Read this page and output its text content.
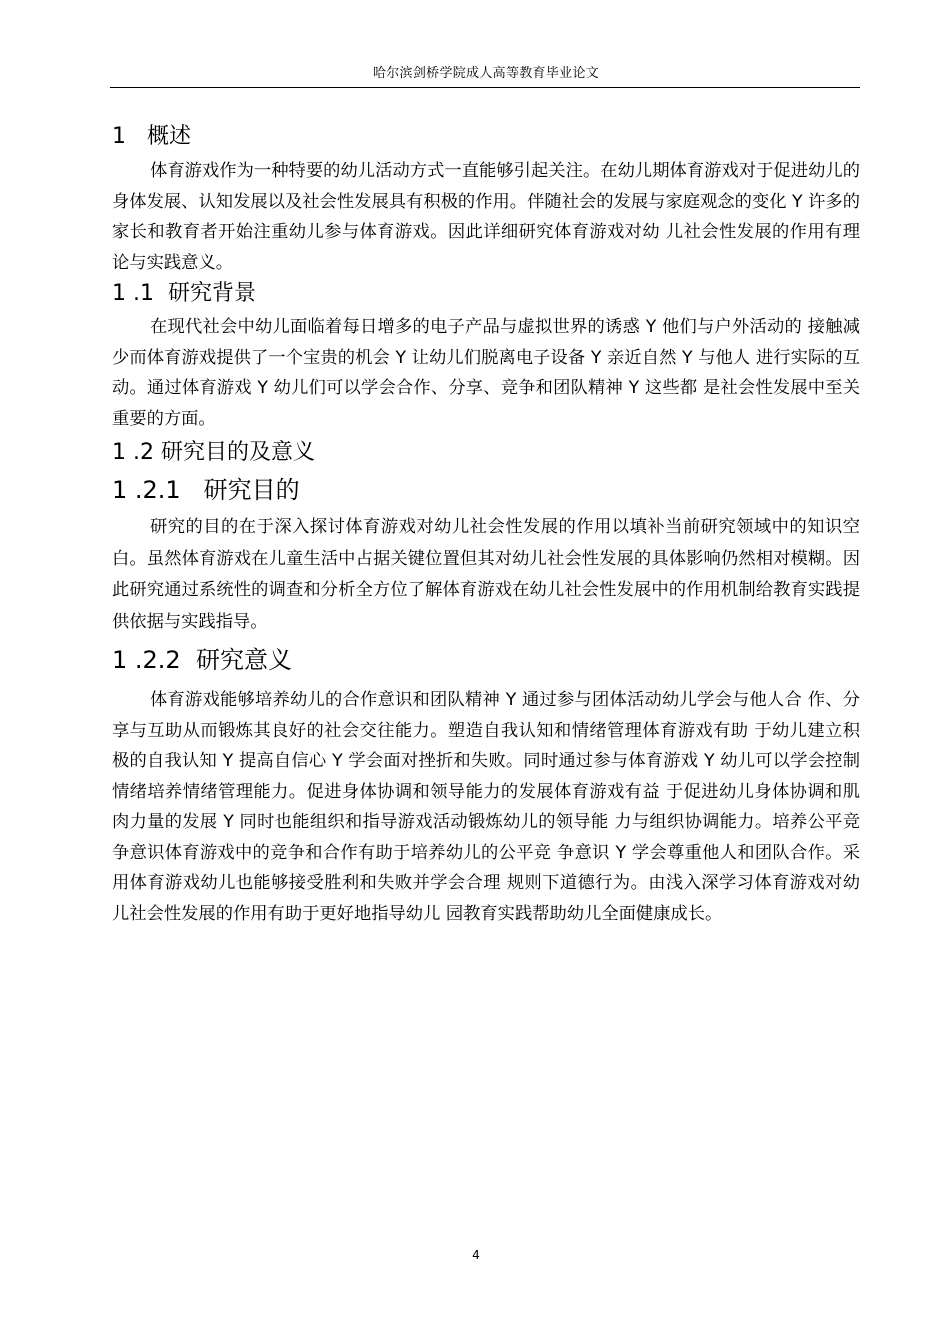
哈尔滨剑桥学院成人高等教育毕业论文
1   概述

体育游戏作为一种特要的幼儿活动方式一直能够引起关注。在幼儿期体育游戏对于促进幼儿的身体发展、认知发展以及社会性发展具有积极的作用。伴随社会的发展与家庭观念的变化 Y 许多的家长和教育者开始注重幼儿参与体育游戏。因此详细研究体育游戏对幼 儿社会性发展的作用有理论与实践意义。

1 .1  研究背景

在现代社会中幼儿面临着每日增多的电子产品与虚拟世界的诱惑 Y 他们与户外活动的 接触减少而体育游戏提供了一个宝贵的机会 Y 让幼儿们脱离电子设备 Y 亲近自然 Y 与他人 进行实际的互动。通过体育游戏 Y 幼儿们可以学会合作、分享、竞争和团队精神 Y 这些都 是社会性发展中至关重要的方面。

1 .2 研究目的及意义
1 .2.1   研究目的

研究的目的在于深入探讨体育游戏对幼儿社会性发展的作用以填补当前研究领域中的知识空白。虽然体育游戏在儿童生活中占据关键位置但其对幼儿社会性发展的具体影响仍然相对模糊。因此研究通过系统性的调查和分析全方位了解体育游戏在幼儿社会性发展中的作用机制给教育实践提供依据与实践指导。

1 .2.2  研究意义

体育游戏能够培养幼儿的合作意识和团队精神 Y 通过参与团体活动幼儿学会与他人合 作、分享与互助从而锻炼其良好的社会交往能力。塑造自我认知和情绪管理体育游戏有助 于幼儿建立积极的自我认知 Y 提高自信心 Y 学会面对挫折和失败。同时通过参与体育游戏 Y 幼儿可以学会控制情绪培养情绪管理能力。促进身体协调和领导能力的发展体育游戏有益 于促进幼儿身体协调和肌肉力量的发展 Y 同时也能组织和指导游戏活动锻炼幼儿的领导能 力与组织协调能力。培养公平竞争意识体育游戏中的竞争和合作有助于培养幼儿的公平竞 争意识 Y 学会尊重他人和团队合作。采用体育游戏幼儿也能够接受胜利和失败并学会合理 规则下道德行为。由浅入深学习体育游戏对幼儿社会性发展的作用有助于更好地指导幼儿 园教育实践帮助幼儿全面健康成长。

4
